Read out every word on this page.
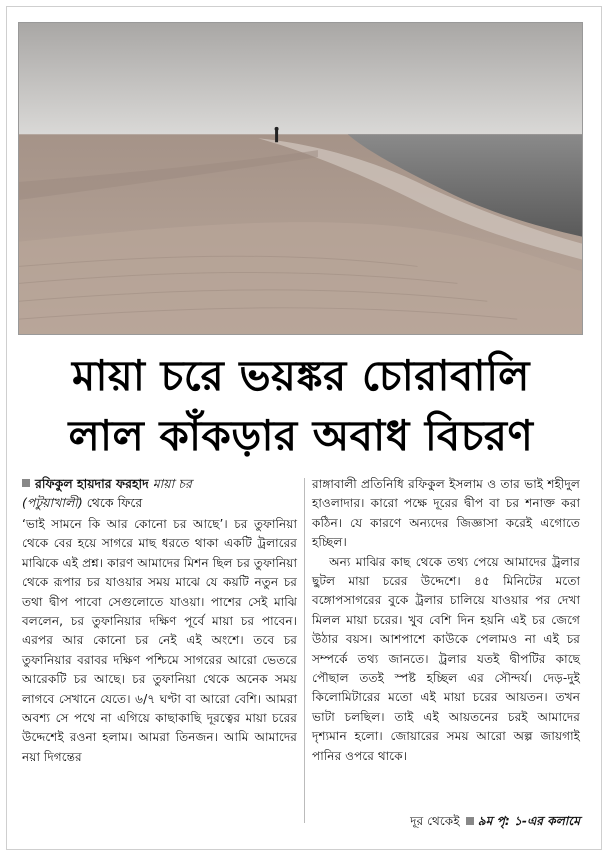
মায়া চরে ভয়ঙ্কর চোরাবালি
লাল কাঁকড়ার অবাধ বিচরণ
রফিকুল হায়দার ফরহাদ মায়া চর
(পটুয়াখালী) থেকে ফিরে

‘ভাই সামনে কি আর কোনো চর আছে’। চর তুফানিয়া থেকে বের হয়ে সাগরে মাছ ধরতে থাকা একটি ট্রলারের মাঝিকে এই প্রশ্ন। কারণ আমাদের মিশন ছিল চর তুফানিয়া থেকে রূপার চর যাওয়ার সময় মাঝে যে কয়টি নতুন চর তথা দ্বীপ পাবো সেগুলোতে যাওয়া। পাশের সেই মাঝি বললেন, চর তুফানিয়ার দক্ষিণ পূর্বে মায়া চর পাবেন। এরপর আর কোনো চর নেই এই অংশে। তবে চর তুফানিয়ার বরাবর দক্ষিণ পশ্চিমে সাগরের আরো ভেতরে আরেকটি চর আছে। চর তুফানিয়া থেকে অনেক সময় লাগবে সেখানে যেতে। ৬/৭ ঘণ্টা বা আরো বেশি। আমরা অবশ্য সে পথে না এগিয়ে কাছাকাছি দূরত্বের মায়া চরের উদ্দেশেই রওনা হলাম। আমরা তিনজন। আমি আমাদের নয়া দিগন্তের

রাঙ্গাবালী প্রতিনিধি রফিকুল ইসলাম ও তার ভাই শহীদুল হাওলাদার। কারো পক্ষে দূরের দ্বীপ বা চর শনাক্ত করা কঠিন। যে কারণে অন্যদের জিজ্ঞাসা করেই এগোতে হচ্ছিল।

অন্য মাঝির কাছ থেকে তথ্য পেয়ে আমাদের ট্রলার ছুটল মায়া চরের উদ্দেশে। ৪৫ মিনিটের মতো বঙ্গোপসাগরের বুকে ট্রলার চালিয়ে যাওয়ার পর দেখা মিলল মায়া চরের। খুব বেশি দিন হয়নি এই চর জেগে উঠার বয়স। আশপাশে কাউকে পেলামও না এই চর সম্পর্কে তথ্য জানতে। ট্রলার যতই দ্বীপটির কাছে পৌছাল ততই স্পষ্ট হচ্ছিল এর সৌন্দর্য। দেড়-দুই কিলোমিটারের মতো এই মায়া চরের আয়তন। তখন ভাটা চলছিল। তাই এই আয়তনের চরই আমাদের দৃশ্যমান হলো। জোয়ারের সময় আরো অল্প জায়গাই পানির ওপরে থাকে।

দূর থেকেই ৯ম পৃ: ১-এর কলামে
